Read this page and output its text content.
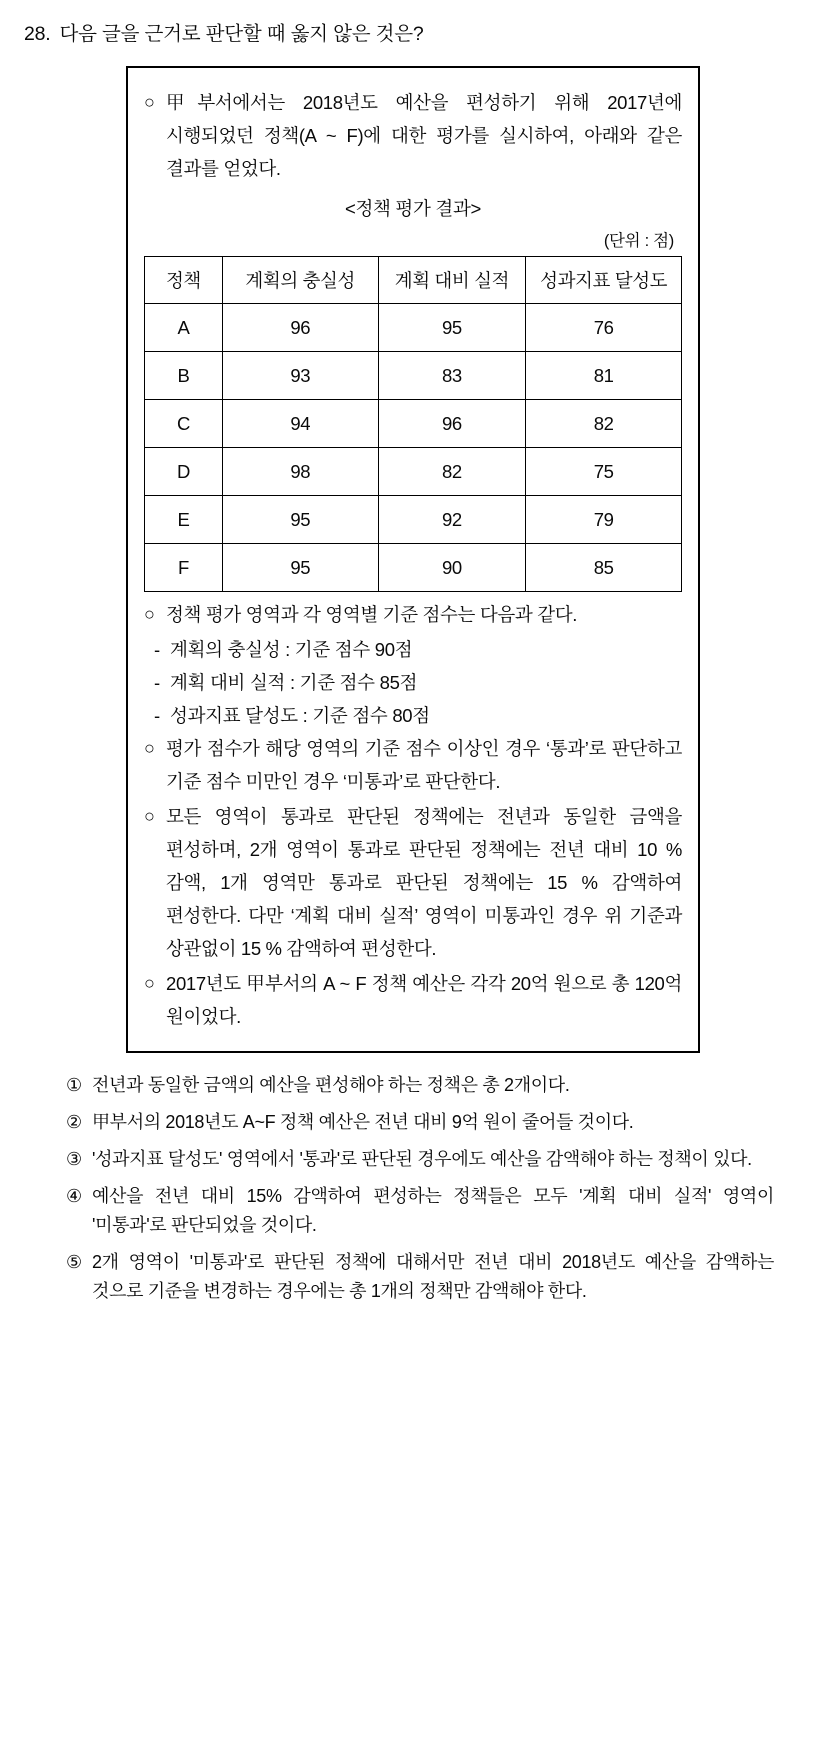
28. 다음 글을 근거로 판단할 때 옳지 않은 것은?
○ 甲부서에서는 2018년도 예산을 편성하기 위해 2017년에 시행되었던 정책(A ~ F)에 대한 평가를 실시하여, 아래와 같은 결과를 얻었다.
<정책 평가 결과>
(단위 : 점)
정책	계획의 충실성	계획 대비 실적	성과지표 달성도
A	96	95	76
B	93	83	81
C	94	96	82
D	98	82	75
E	95	92	79
F	95	90	85
○ 정책 평가 영역과 각 영역별 기준 점수는 다음과 같다.
- 계획의 충실성 : 기준 점수 90점
- 계획 대비 실적 : 기준 점수 85점
- 성과지표 달성도 : 기준 점수 80점
○ 평가 점수가 해당 영역의 기준 점수 이상인 경우 ‘통과’로 판단하고 기준 점수 미만인 경우 ‘미통과’로 판단한다.
○ 모든 영역이 통과로 판단된 정책에는 전년과 동일한 금액을 편성하며, 2개 영역이 통과로 판단된 정책에는 전년 대비 10 % 감액, 1개 영역만 통과로 판단된 정책에는 15 % 감액하여 편성한다. 다만 ‘계획 대비 실적’ 영역이 미통과인 경우 위 기준과 상관없이 15 % 감액하여 편성한다.
○ 2017년도 甲부서의 A ~ F 정책 예산은 각각 20억 원으로 총 120억 원이었다.
① 전년과 동일한 금액의 예산을 편성해야 하는 정책은 총 2개이다.
② 甲부서의 2018년도 A~F 정책 예산은 전년 대비 9억 원이 줄어들 것이다.
③ '성과지표 달성도' 영역에서 '통과'로 판단된 경우에도 예산을 감액해야 하는 정책이 있다.
④ 예산을 전년 대비 15% 감액하여 편성하는 정책들은 모두 '계획 대비 실적' 영역이 '미통과'로 판단되었을 것이다.
⑤ 2개 영역이 '미통과'로 판단된 정책에 대해서만 전년 대비 2018년도 예산을 감액하는 것으로 기준을 변경하는 경우에는 총 1개의 정책만 감액해야 한다.
